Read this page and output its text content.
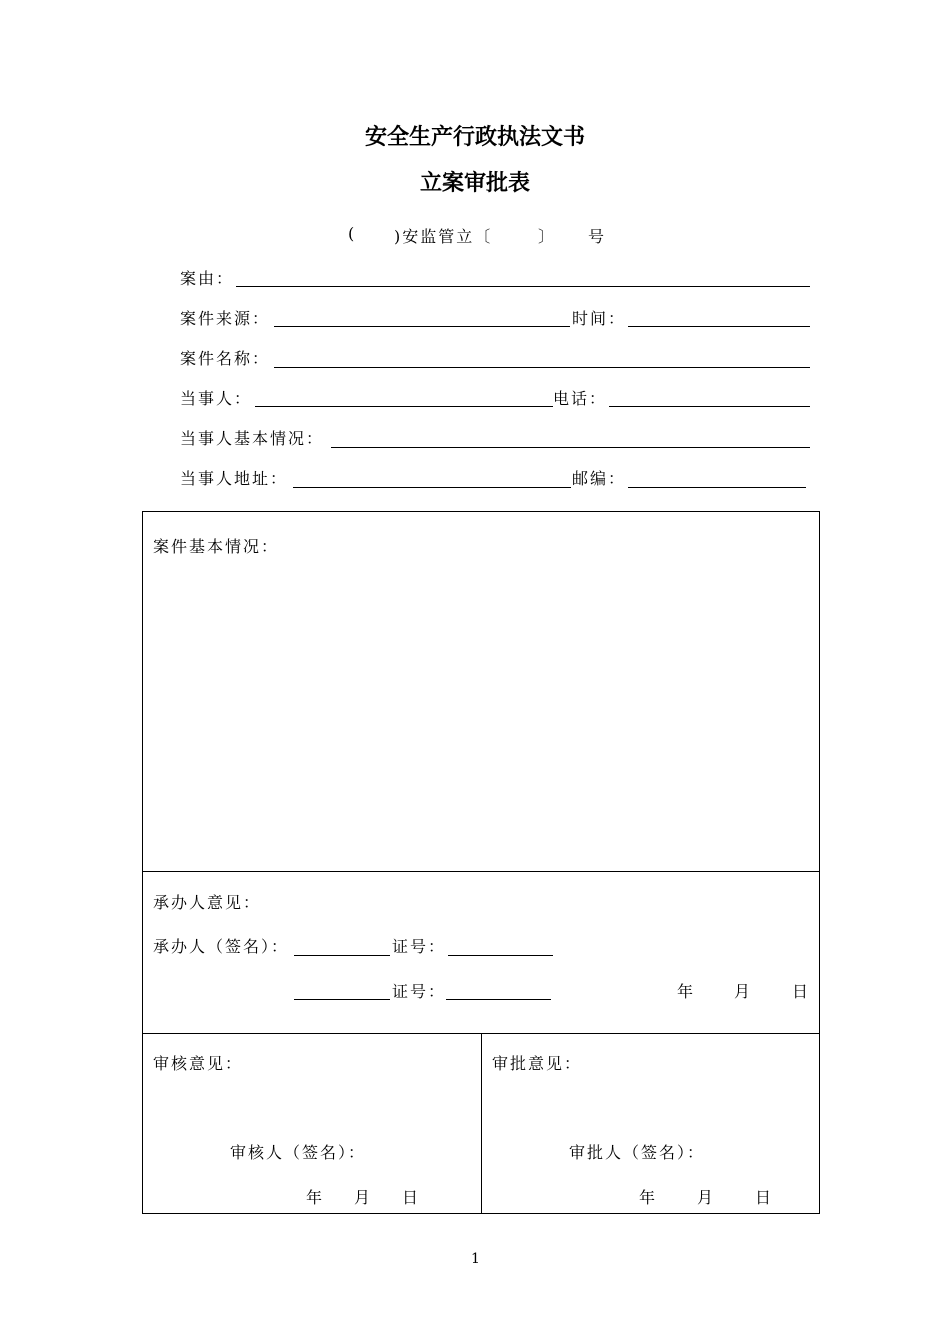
安全生产行政执法文书
立案审批表
( )安监管立〔	〕 号
案由：
案件来源：	时间：
案件名称：
当事人：	电话：
当事人基本情况：
当事人地址：	邮编：
案件基本情况：
承办人意见：
承办人（签名）：	证号：
证号：	年 月 日
审核意见：
审核人（签名）：
年 月 日
审批意见：
审批人（签名）：
年 月 日
1
